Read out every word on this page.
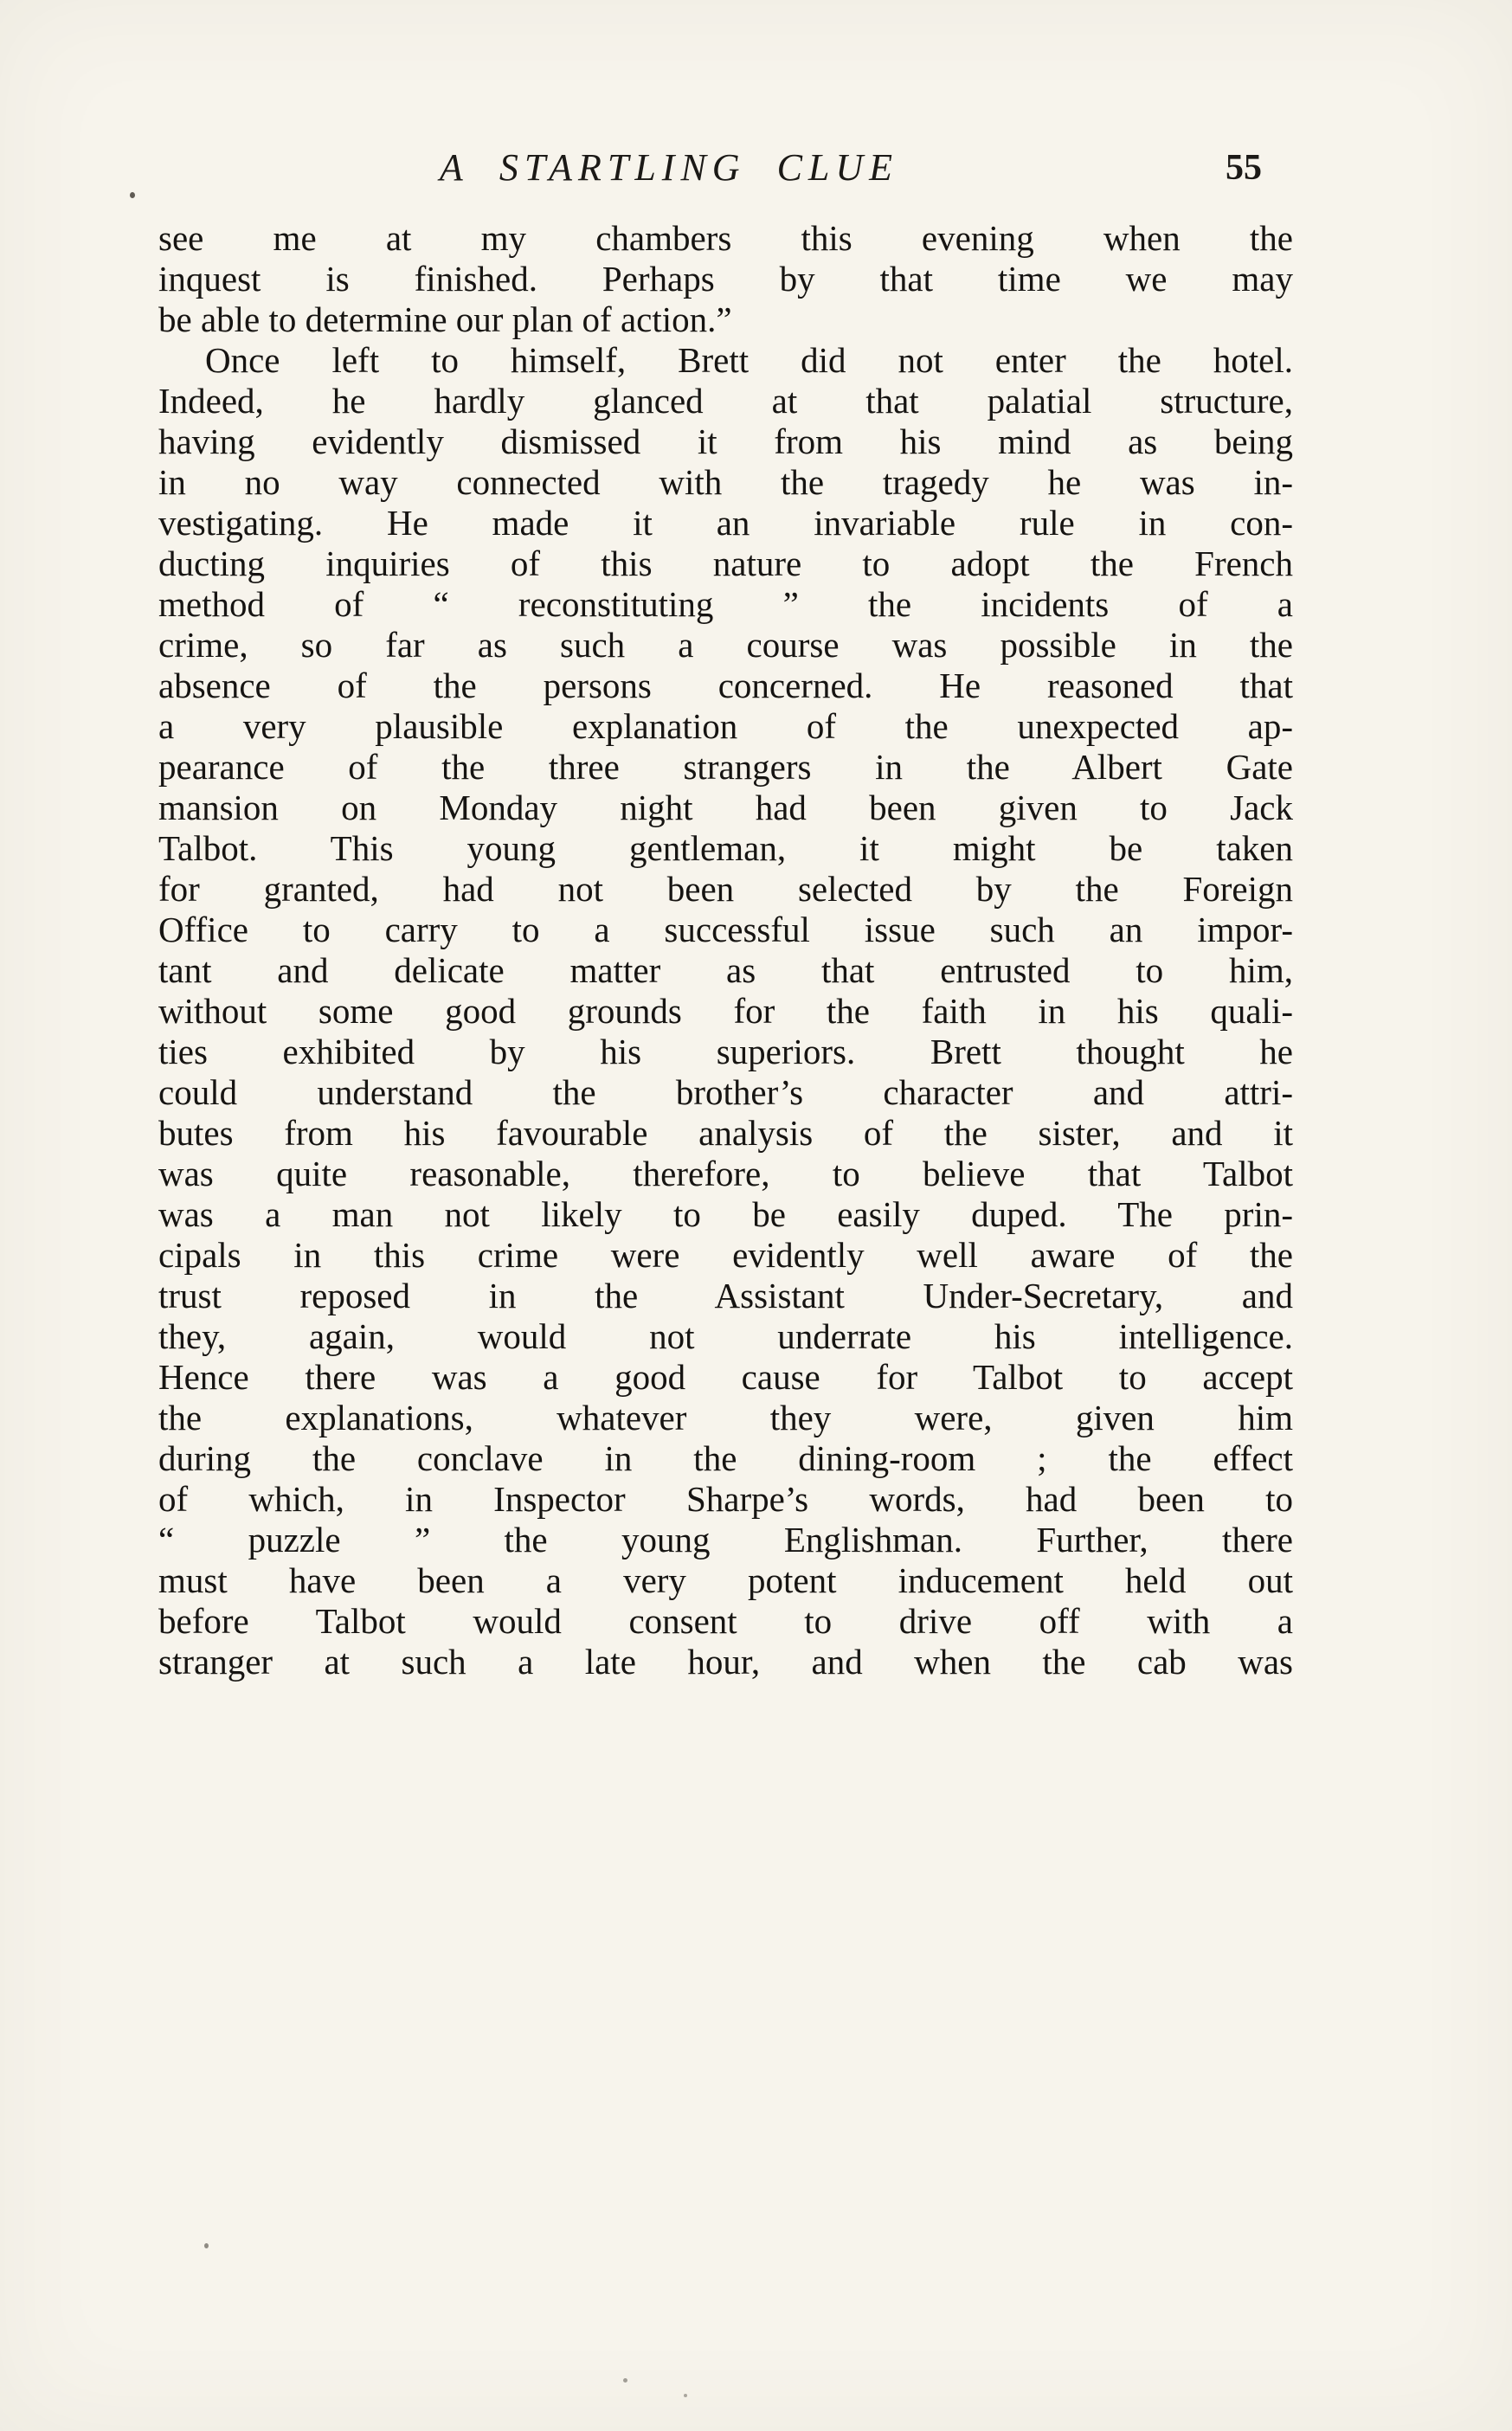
A STARTLING CLUE	55
see me at my chambers this evening when the
inquest is finished. Perhaps by that time we may
be able to determine our plan of action.”
Once left to himself, Brett did not enter the hotel.
Indeed, he hardly glanced at that palatial structure,
having evidently dismissed it from his mind as being
in no way connected with the tragedy he was in-
vestigating. He made it an invariable rule in con-
ducting inquiries of this nature to adopt the French
method of “ reconstituting ” the incidents of a
crime, so far as such a course was possible in the
absence of the persons concerned. He reasoned that
a very plausible explanation of the unexpected ap-
pearance of the three strangers in the Albert Gate
mansion on Monday night had been given to Jack
Talbot. This young gentleman, it might be taken
for granted, had not been selected by the Foreign
Office to carry to a successful issue such an impor-
tant and delicate matter as that entrusted to him,
without some good grounds for the faith in his quali-
ties exhibited by his superiors. Brett thought he
could understand the brother’s character and attri-
butes from his favourable analysis of the sister, and it
was quite reasonable, therefore, to believe that Talbot
was a man not likely to be easily duped. The prin-
cipals in this crime were evidently well aware of the
trust reposed in the Assistant Under-Secretary, and
they, again, would not underrate his intelligence.
Hence there was a good cause for Talbot to accept
the explanations, whatever they were, given him
during the conclave in the dining-room ; the effect
of which, in Inspector Sharpe’s words, had been to
“ puzzle ” the young Englishman. Further, there
must have been a very potent inducement held out
before Talbot would consent to drive off with a
stranger at such a late hour, and when the cab was
